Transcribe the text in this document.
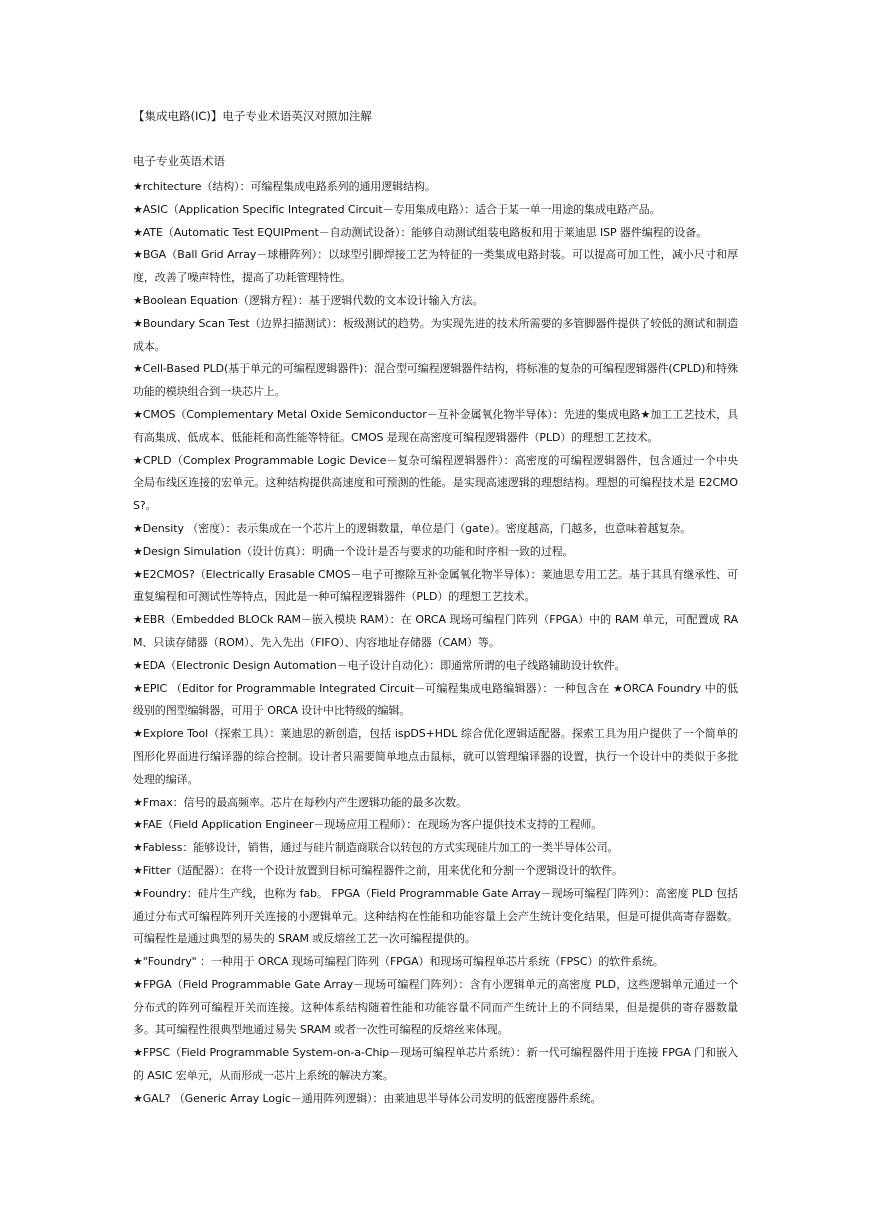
【集成电路(IC)】电子专业术语英汉对照加注解
电子专业英语术语

★rchitecture（结构）：可编程集成电路系列的通用逻辑结构。

★ASIC（Application Specific Integrated Circuit－专用集成电路）：适合于某一单一用途的集成电路产品。

★ATE（Automatic Test EQUIPment－自动测试设备）：能够自动测试组装电路板和用于莱迪思 ISP 器件编程的设备。

★BGA（Ball Grid Array－球栅阵列）：以球型引脚焊接工艺为特征的一类集成电路封装。可以提高可加工性，减小尺寸和厚度，改善了噪声特性，提高了功耗管理特性。

★Boolean Equation（逻辑方程）：基于逻辑代数的文本设计输入方法。

★Boundary Scan Test（边界扫描测试）：板级测试的趋势。为实现先进的技术所需要的多管脚器件提供了较低的测试和制造成本。

★Cell-Based PLD(基于单元的可编程逻辑器件)：混合型可编程逻辑器件结构，将标准的复杂的可编程逻辑器件(CPLD)和特殊功能的模块组合到一块芯片上。

★CMOS（Complementary Metal Oxide Semiconductor－互补金属氧化物半导体）：先进的集成电路★加工工艺技术，具有高集成、低成本、低能耗和高性能等特征。CMOS 是现在高密度可编程逻辑器件（PLD）的理想工艺技术。

★CPLD（Complex Programmable Logic Device－复杂可编程逻辑器件）：高密度的可编程逻辑器件，包含通过一个中央全局布线区连接的宏单元。这种结构提供高速度和可预测的性能。是实现高速逻辑的理想结构。理想的可编程技术是 E2CMOS?。

★Density （密度）：表示集成在一个芯片上的逻辑数量，单位是门（gate）。密度越高，门越多，也意味着越复杂。

★Design Simulation（设计仿真）：明确一个设计是否与要求的功能和时序相一致的过程。

★E2CMOS?（Electrically Erasable CMOS－电子可擦除互补金属氧化物半导体）：莱迪思专用工艺。基于其具有继承性、可重复编程和可测试性等特点，因此是一种可编程逻辑器件（PLD）的理想工艺技术。

★EBR（Embedded BLOCk RAM－嵌入模块 RAM）：在 ORCA 现场可编程门阵列（FPGA）中的 RAM 单元，可配置成 RAM、只读存储器（ROM）、先入先出（FIFO）、内容地址存储器（CAM）等。

★EDA（Electronic Design Automation－电子设计自动化）：即通常所谓的电子线路辅助设计软件。

★EPIC （Editor for Programmable Integrated Circuit－可编程集成电路编辑器）：一种包含在 ★ORCA Foundry 中的低级别的图型编辑器，可用于 ORCA 设计中比特级的编辑。

★Explore Tool（探索工具）：莱迪思的新创造，包括 ispDS+HDL 综合优化逻辑适配器。探索工具为用户提供了一个简单的图形化界面进行编译器的综合控制。设计者只需要简单地点击鼠标，就可以管理编译器的设置，执行一个设计中的类似于多批处理的编译。

★Fmax：信号的最高频率。芯片在每秒内产生逻辑功能的最多次数。

★FAE（Field Application Engineer－现场应用工程师）：在现场为客户提供技术支持的工程师。

★Fabless：能够设计，销售，通过与硅片制造商联合以转包的方式实现硅片加工的一类半导体公司。

★Fitter（适配器）：在将一个设计放置到目标可编程器件之前，用来优化和分割一个逻辑设计的软件。

★Foundry：硅片生产线，也称为 fab。 FPGA（Field Programmable Gate Array－现场可编程门阵列）：高密度 PLD 包括通过分布式可编程阵列开关连接的小逻辑单元。这种结构在性能和功能容量上会产生统计变化结果，但是可提供高寄存器数。可编程性是通过典型的易失的 SRAM 或反熔丝工艺一次可编程提供的。

★"Foundry" ：一种用于 ORCA 现场可编程门阵列（FPGA）和现场可编程单芯片系统（FPSC）的软件系统。

★FPGA（Field Programmable Gate Array－现场可编程门阵列）：含有小逻辑单元的高密度 PLD，这些逻辑单元通过一个分布式的阵列可编程开关而连接。这种体系结构随着性能和功能容量不同而产生统计上的不同结果，但是提供的寄存器数量多。其可编程性很典型地通过易失 SRAM 或者一次性可编程的反熔丝来体现。

★FPSC（Field Programmable System-on-a-Chip－现场可编程单芯片系统）：新一代可编程器件用于连接 FPGA 门和嵌入的 ASIC 宏单元，从而形成一芯片上系统的解决方案。

★GAL? （Generic Array Logic－通用阵列逻辑）：由莱迪思半导体公司发明的低密度器件系统。
